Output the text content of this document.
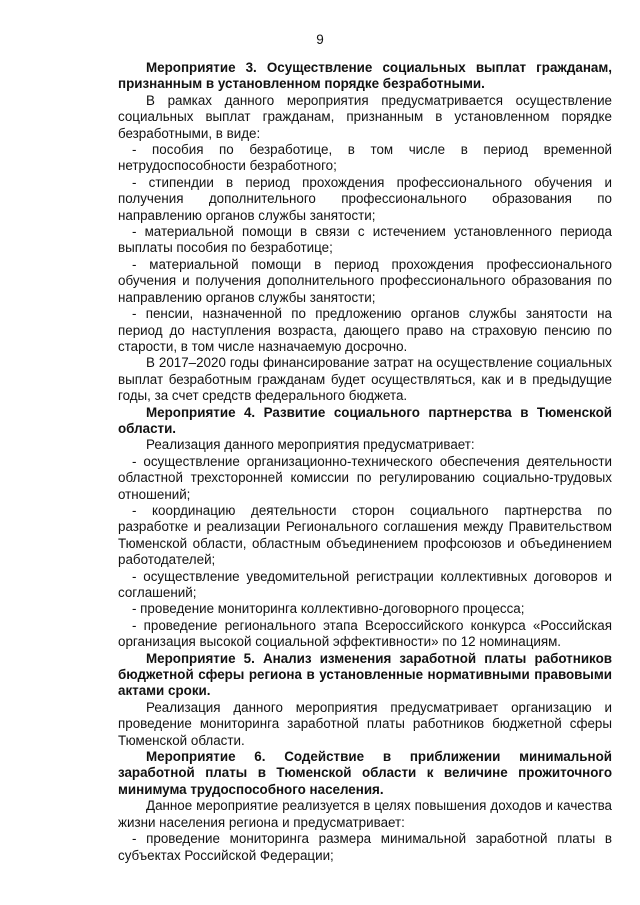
9

Мероприятие 3. Осуществление социальных выплат гражданам, признанным в установленном порядке безработными.

В рамках данного мероприятия предусматривается осуществление социальных выплат гражданам, признанным в установленном порядке безработными, в виде:

- пособия по безработице, в том числе в период временной нетрудоспособности безработного;

- стипендии в период прохождения профессионального обучения и получения дополнительного профессионального образования по направлению органов службы занятости;

- материальной помощи в связи с истечением установленного периода выплаты пособия по безработице;

- материальной помощи в период прохождения профессионального обучения и получения дополнительного профессионального образования по направлению органов службы занятости;

- пенсии, назначенной по предложению органов службы занятости на период до наступления возраста, дающего право на страховую пенсию по старости, в том числе назначаемую досрочно.

В 2017–2020 годы финансирование затрат на осуществление социальных выплат безработным гражданам будет осуществляться, как и в предыдущие годы, за счет средств федерального бюджета.

Мероприятие 4. Развитие социального партнерства в Тюменской области.

Реализация данного мероприятия предусматривает:

- осуществление организационно-технического обеспечения деятельности областной трехсторонней комиссии по регулированию социально-трудовых отношений;

- координацию деятельности сторон социального партнерства по разработке и реализации Регионального соглашения между Правительством Тюменской области, областным объединением профсоюзов и объединением работодателей;

- осуществление уведомительной регистрации коллективных договоров и соглашений;

- проведение мониторинга коллективно-договорного процесса;

- проведение регионального этапа Всероссийского конкурса «Российская организация высокой социальной эффективности» по 12 номинациям.

Мероприятие 5. Анализ изменения заработной платы работников бюджетной сферы региона в установленные нормативными правовыми актами сроки.

Реализация данного мероприятия предусматривает организацию и проведение мониторинга заработной платы работников бюджетной сферы Тюменской области.

Мероприятие 6. Содействие в приближении минимальной заработной платы в Тюменской области к величине прожиточного минимума трудоспособного населения.

Данное мероприятие реализуется в целях повышения доходов и качества жизни населения региона и предусматривает:

- проведение мониторинга размера минимальной заработной платы в субъектах Российской Федерации;
